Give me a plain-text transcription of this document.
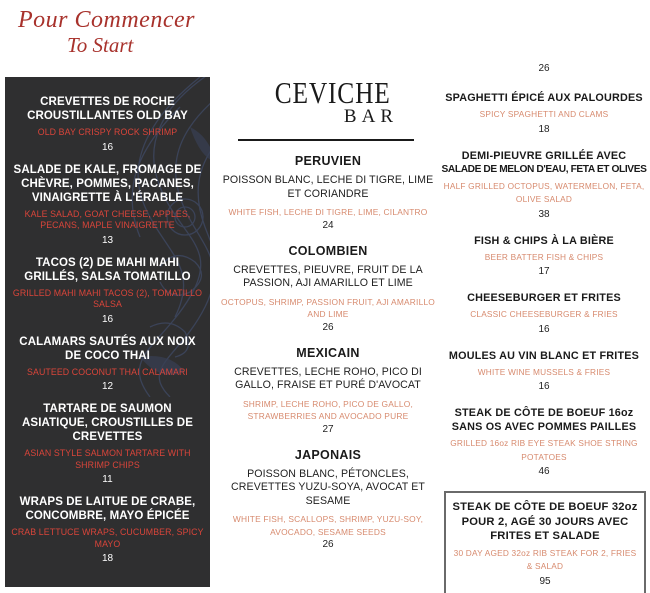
Pour Commencer
To Start
CREVETTES DE ROCHE CROUSTILLANTES OLD BAY
OLD BAY CRISPY ROCK SHRIMP
16
SALADE DE KALE, FROMAGE DE CHÈVRE, POMMES, PACANES, VINAIGRETTE À L'ÉRABLE
KALE SALAD, GOAT CHEESE, APPLES, PECANS, MAPLE VINAIGRETTE
13
TACOS (2) DE MAHI MAHI GRILLÉS, SALSA TOMATILLO
GRILLED MAHI MAHI TACOS (2), TOMATILLO SALSA
16
CALAMARS SAUTÉS AUX NOIX DE COCO THAI
SAUTEED COCONUT THAI CALAMARI
12
TARTARE DE SAUMON ASIATIQUE, CROUSTILLES DE CREVETTES
ASIAN STYLE SALMON TARTARE WITH SHRIMP CHIPS
11
WRAPS DE LAITUE DE CRABE, CONCOMBRE, MAYO ÉPICÉE
CRAB LETTUCE WRAPS, CUCUMBER, SPICY MAYO
18
CEVICHE
BAR
PERUVIEN
POISSON BLANC, LECHE DI TIGRE, LIME ET CORIANDRE
WHITE FISH, LECHE DI TIGRE, LIME, CILANTRO
24
COLOMBIEN
CREVETTES, PIEUVRE, FRUIT DE LA PASSION, AJI AMARILLO ET LIME
OCTOPUS, SHRIMP, PASSION FRUIT, AJI AMARILLO AND LIME
26
MEXICAIN
CREVETTES, LECHE ROHO, PICO DI GALLO, FRAISE ET PURÉ D'AVOCAT
SHRIMP, LECHE ROHO, PICO DE GALLO, STRAWBERRIES AND AVOCADO PURE
27
JAPONAIS
POISSON BLANC, PÉTONCLES, CREVETTES YUZU-SOYA, AVOCAT ET SESAME
WHITE FISH, SCALLOPS, SHRIMP, YUZU-SOY, AVOCADO, SESAME SEEDS
26
26
SPAGHETTI ÉPICÉ AUX PALOURDES
SPICY SPAGHETTI AND CLAMS
18
DEMI-PIEUVRE GRILLÉE AVEC
SALADE DE MELON D'EAU, FETA ET OLIVES
HALF GRILLED OCTOPUS, WATERMELON, FETA, OLIVE SALAD
38
FISH & CHIPS À LA BIÈRE
BEER BATTER FISH & CHIPS
17
CHEESEBURGER ET FRITES
CLASSIC CHEESEBURGER & FRIES
16
MOULES AU VIN BLANC ET FRITES
WHITE WINE MUSSELS & FRIES
16
STEAK DE CÔTE DE BOEUF 16oz SANS OS AVEC POMMES PAILLES
GRILLED 16oz RIB EYE STEAK SHOE STRING POTATOES
46
STEAK DE CÔTE DE BOEUF 32oz POUR 2, AGÉ 30 JOURS AVEC FRITES ET SALADE
30 DAY AGED 32oz RIB STEAK FOR 2, FRIES & SALAD
95
